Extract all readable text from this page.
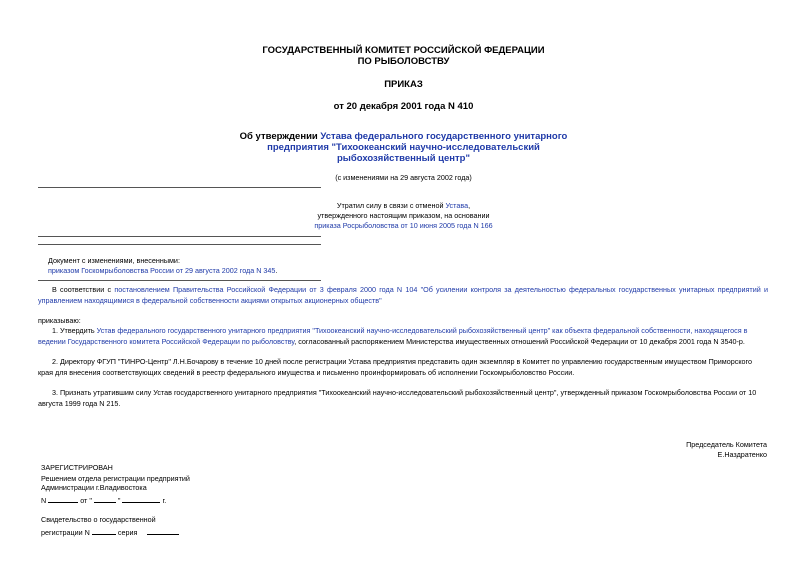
ГОСУДАРСТВЕННЫЙ КОМИТЕТ РОССИЙСКОЙ ФЕДЕРАЦИИ
ПО РЫБОЛОВСТВУ
ПРИКАЗ
от 20 декабря 2001 года N 410
Об утверждении Устава федерального государственного унитарного
предприятия "Тихоокеанский научно-исследовательский
рыбохозяйственный центр"
(с изменениями на 29 августа 2002 года)
Утратил силу в связи с отменой Устава,
утвержденного настоящим приказом, на основании
приказа Росрыболовства от 10 июня 2005 года N 166
Документ с изменениями, внесенными:
приказом Госкомрыболовства России от 29 августа 2002 года N 345.
В соответствии с постановлением Правительства Российской Федерации от 3 февраля 2000 года N 104 "Об усилении контроля за деятельностью федеральных государственных унитарных предприятий и управлением находящимися в федеральной собственности акциями открытых акционерных обществ"
приказываю:
1. Утвердить Устав федерального государственного унитарного предприятия "Тихоокеанский научно-исследовательский рыбохозяйственный центр" как объекта федеральной собственности, находящегося в ведении Государственного комитета Российской Федерации по рыболовству, согласованный распоряжением Министерства имущественных отношений Российской Федерации от 10 декабря 2001 года N 3540-р.
2. Директору ФГУП "ТИНРО-Центр" Л.Н.Бочарову в течение 10 дней после регистрации Устава предприятия представить один экземпляр в Комитет по управлению государственным имуществом Приморского края для внесения соответствующих сведений в реестр федерального имущества и письменно проинформировать об исполнении Госкомрыболовство России.
3. Признать утратившим силу Устав государственного унитарного предприятия "Тихоокеанский научно-исследовательский рыбохозяйственный центр", утвержденный приказом Госкомрыболовства России от 10 августа 1999 года N 215.
Председатель Комитета
Е.Наздратенко
ЗАРЕГИСТРИРОВАН
Решением отдела регистрации предприятий
Администрации г.Владивостока
N	от "	"	г.
Свидетельство о государственной
регистрации N	серия
